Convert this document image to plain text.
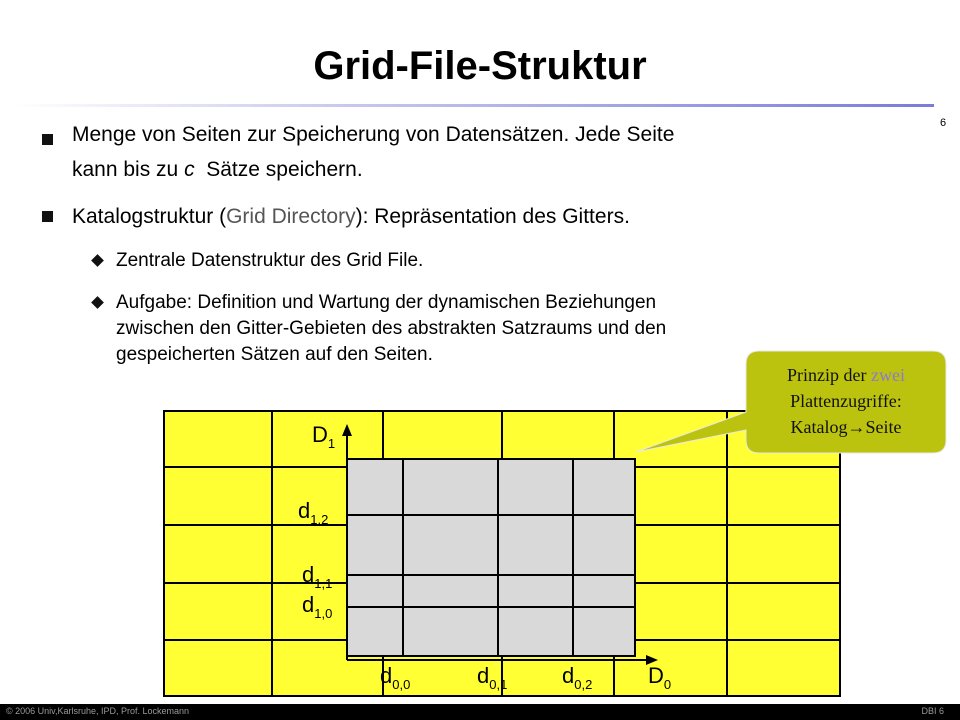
Grid-File-Struktur
6
Menge von Seiten zur Speicherung von Datensätzen. Jede Seite
kann bis zu c  Sätze speichern.
Katalogstruktur (Grid Directory): Repräsentation des Gitters.
Zentrale Datenstruktur des Grid File.
Aufgabe: Definition und Wartung der dynamischen Beziehungen
zwischen den Gitter-Gebieten des abstrakten Satzraums und den
gespeicherten Sätzen auf den Seiten.
$D_1$
$D_0$
$d_{1,2}$
$d_{1,1}$
$d_{1,0}$
$d_{0,0}$	$d_{0,1}$ $d_{0,2}$
Prinzip der zwei
Plattenzugriffe:
Katalog→Seite
© 2006 Univ,Karlsruhe, IPD, Prof. Lockemann	DBI 6
